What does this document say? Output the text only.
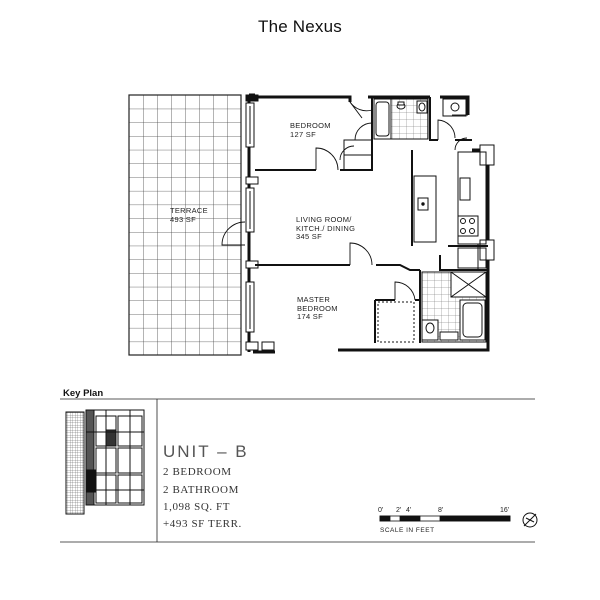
The Nexus
BEDROOM
127 SF
TERRACE
493 SF	LIVING ROOM/
KITCH./ DINING
345 SF
MASTER
BEDROOM
174 SF
Key Plan
UNIT – B
2 BEDROOM
2 BATHROOM
1,098 SQ. FT
+493 SF TERR.
0' 2' 4'	8'	16'
SCALE IN FEET
